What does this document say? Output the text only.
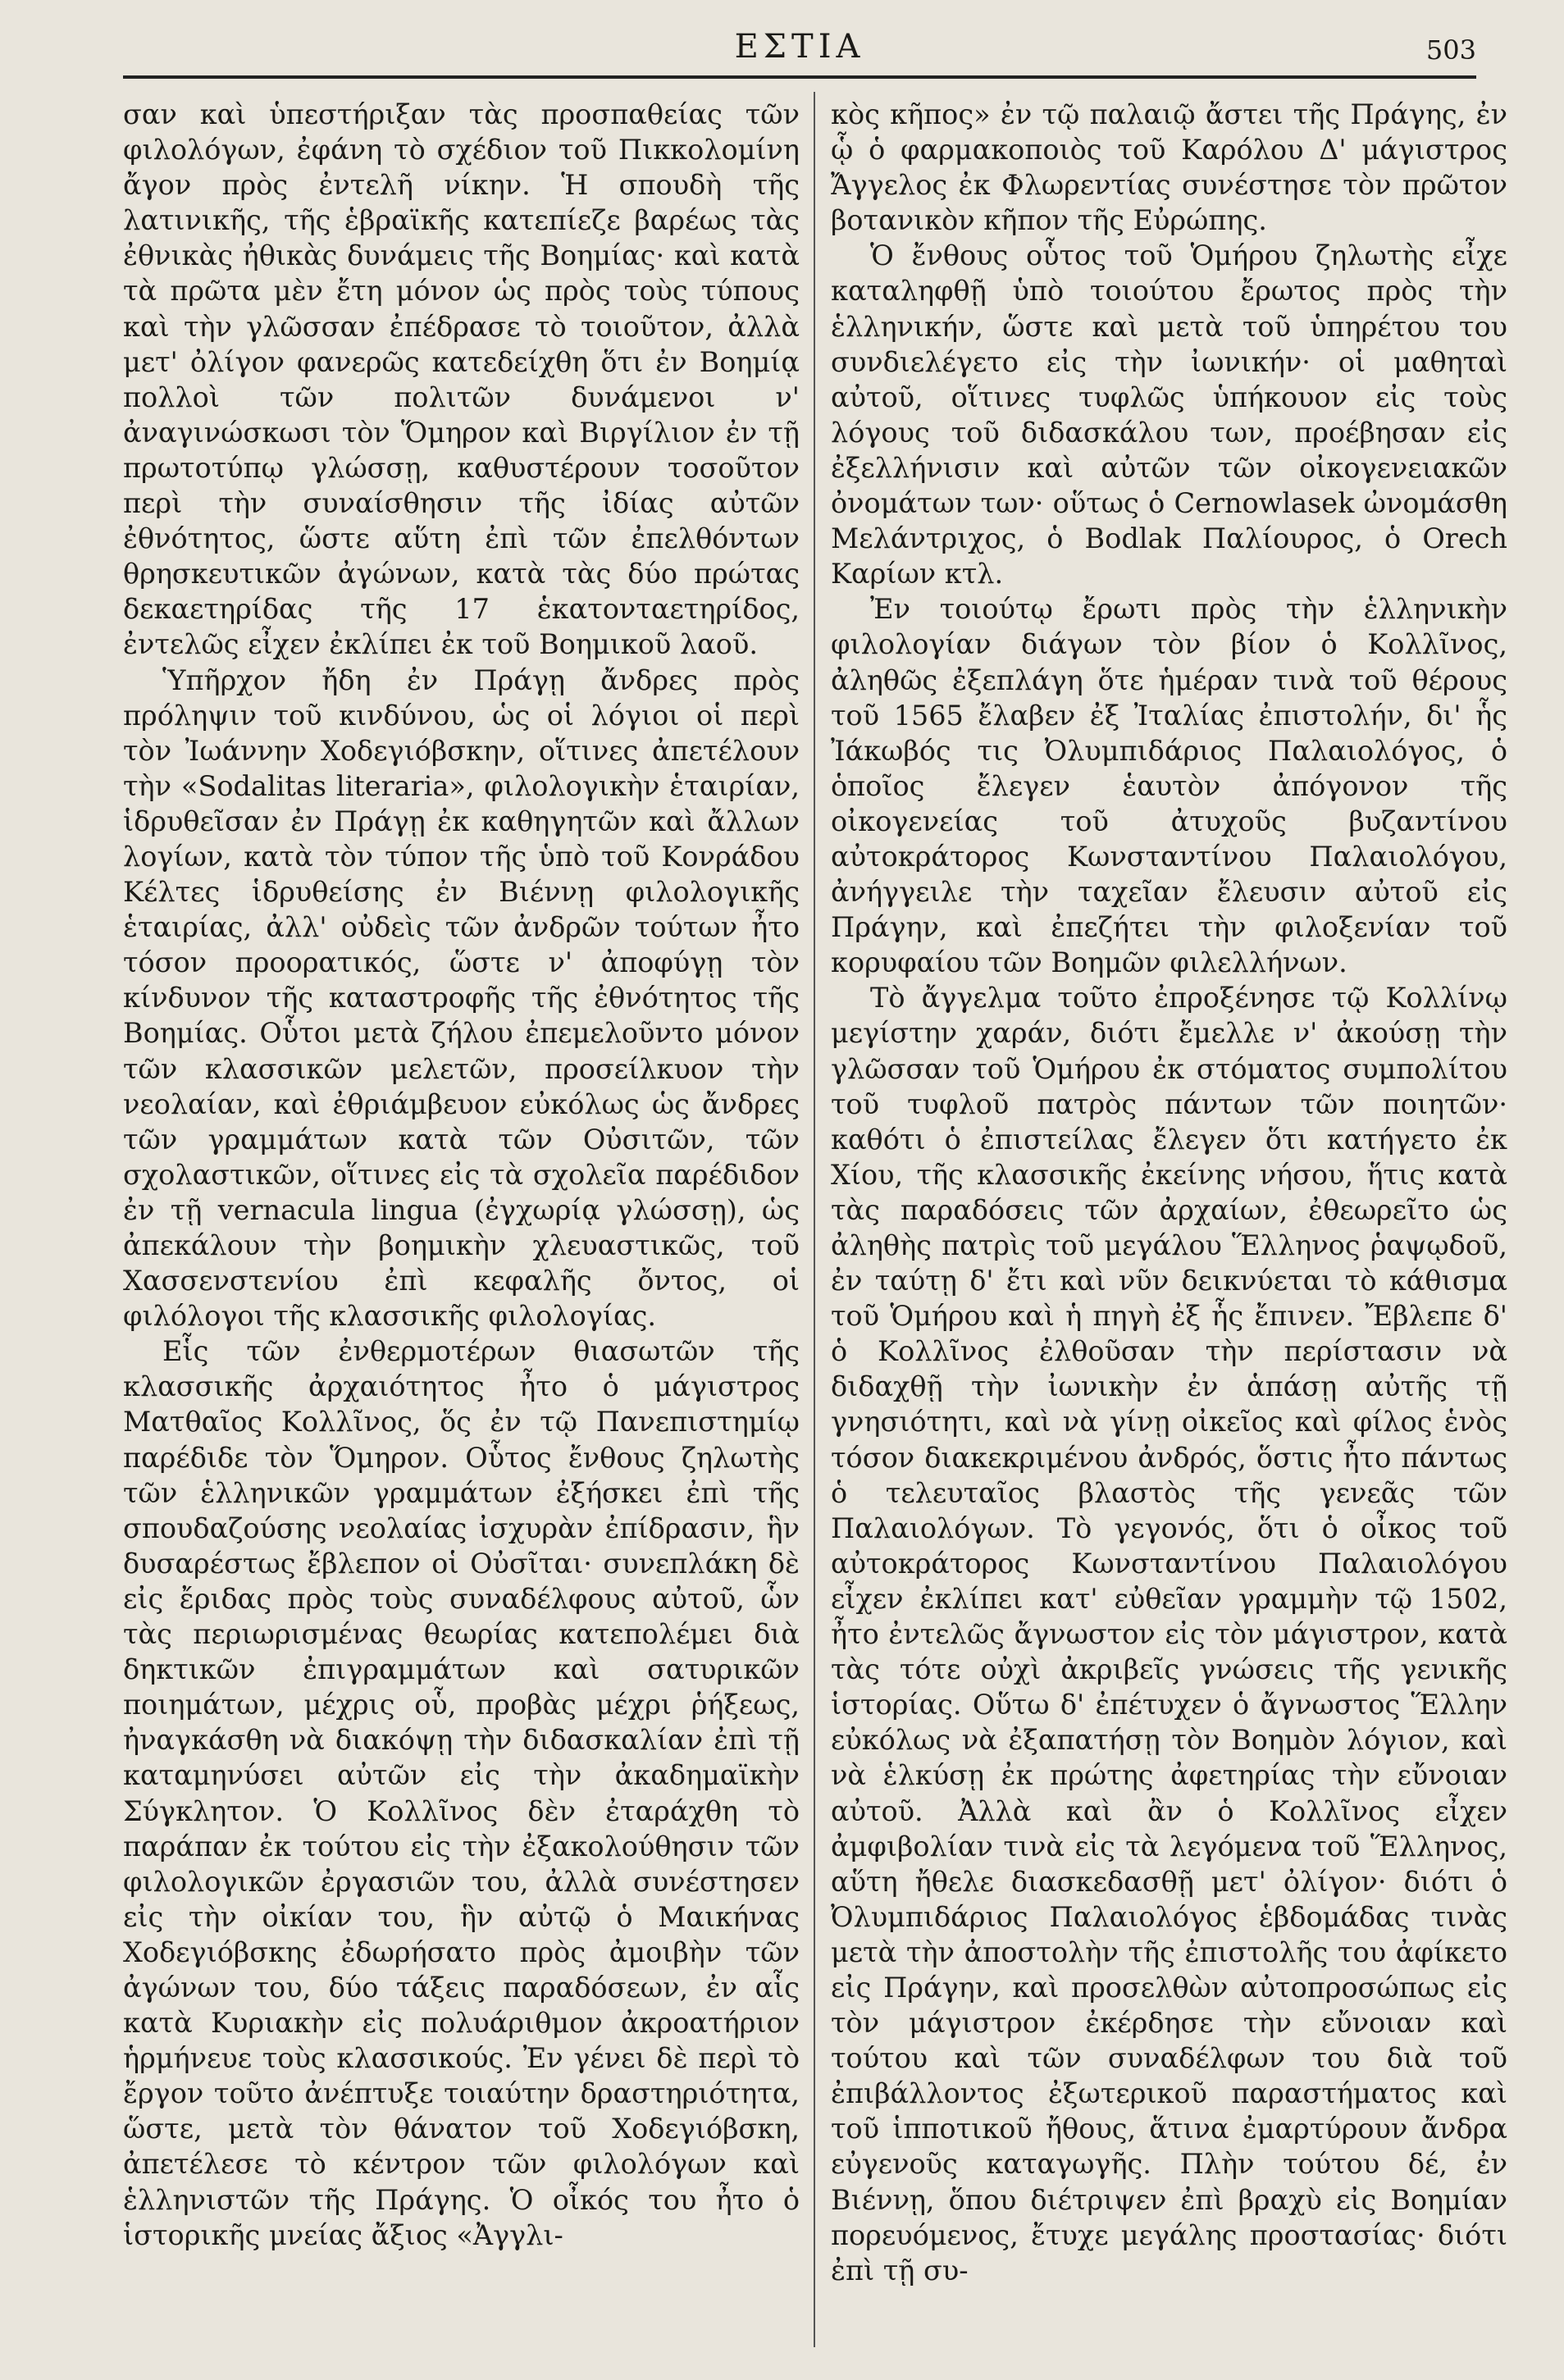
ΕΣΤΙΑ	503

σαν καὶ ὑπεστήριξαν τὰς προσπαθείας τῶν φιλολόγων, ἐφάνη τὸ σχέδιον τοῦ Πικκολομίνη ἄγον πρὸς ἐντελῆ νίκην. Ἡ σπουδὴ τῆς λατινικῆς, τῆς ἑβραϊκῆς κατεπίεζε βαρέως τὰς ἐθνικὰς ἠθικὰς δυνάμεις τῆς Βοημίας· καὶ κατὰ τὰ πρῶτα μὲν ἔτη μόνον ὡς πρὸς τοὺς τύπους καὶ τὴν γλῶσσαν ἐπέδρασε τὸ τοιοῦτον, ἀλλὰ μετ' ὀλίγον φανερῶς κατεδείχθη ὅτι ἐν Βοημίᾳ πολλοὶ τῶν πολιτῶν δυνάμενοι ν' ἀναγινώσκωσι τὸν Ὅμηρον καὶ Βιργίλιον ἐν τῇ πρωτοτύπῳ γλώσσῃ, καθυστέρουν τοσοῦτον περὶ τὴν συναίσθησιν τῆς ἰδίας αὐτῶν ἐθνότητος, ὥστε αὕτη ἐπὶ τῶν ἐπελθόντων θρησκευτικῶν ἀγώνων, κατὰ τὰς δύο πρώτας δεκαετηρίδας τῆς 17 ἑκατονταετηρίδος, ἐντελῶς εἶχεν ἐκλίπει ἐκ τοῦ Βοημικοῦ λαοῦ.

Ὑπῆρχον ἤδη ἐν Πράγῃ ἄνδρες πρὸς πρόληψιν τοῦ κινδύνου, ὡς οἱ λόγιοι οἱ περὶ τὸν Ἰωάννην Χοδεγιόβσκην, οἵτινες ἀπετέλουν τὴν «Sodalitas literaria», φιλολογικὴν ἑταιρίαν, ἱδρυθεῖσαν ἐν Πράγῃ ἐκ καθηγητῶν καὶ ἄλλων λογίων, κατὰ τὸν τύπον τῆς ὑπὸ τοῦ Κονράδου Κέλτες ἱδρυθείσης ἐν Βιέννῃ φιλολογικῆς ἑταιρίας, ἀλλ' οὐδεὶς τῶν ἀνδρῶν τούτων ἦτο τόσον προορατικός, ὥστε ν' ἀποφύγῃ τὸν κίνδυνον τῆς καταστροφῆς τῆς ἐθνότητος τῆς Βοημίας. Οὗτοι μετὰ ζήλου ἐπεμελοῦντο μόνον τῶν κλασσικῶν μελετῶν, προσείλκυον τὴν νεολαίαν, καὶ ἐθριάμβευον εὐκόλως ὡς ἄνδρες τῶν γραμμάτων κατὰ τῶν Οὐσιτῶν, τῶν σχολαστικῶν, οἵτινες εἰς τὰ σχολεῖα παρέδιδον ἐν τῇ vernacula lingua (ἐγχωρίᾳ γλώσσῃ), ὡς ἀπεκάλουν τὴν βοημικὴν χλευαστικῶς, τοῦ Χασσενστενίου ἐπὶ κεφαλῆς ὄντος, οἱ φιλόλογοι τῆς κλασσικῆς φιλολογίας.

Εἷς τῶν ἐνθερμοτέρων θιασωτῶν τῆς κλασσικῆς ἀρχαιότητος ἦτο ὁ μάγιστρος Ματθαῖος Κολλῖνος, ὅς ἐν τῷ Πανεπιστημίῳ παρέδιδε τὸν Ὅμηρον. Οὗτος ἔνθους ζηλωτὴς τῶν ἑλληνικῶν γραμμάτων ἐξήσκει ἐπὶ τῆς σπουδαζούσης νεολαίας ἰσχυρὰν ἐπίδρασιν, ἣν δυσαρέστως ἔβλεπον οἱ Οὐσῖται· συνεπλάκη δὲ εἰς ἔριδας πρὸς τοὺς συναδέλφους αὐτοῦ, ὧν τὰς περιωρισμένας θεωρίας κατεπολέμει διὰ δηκτικῶν ἐπιγραμμάτων καὶ σατυρικῶν ποιημάτων, μέχρις οὗ, προβὰς μέχρι ῥήξεως, ἠναγκάσθη νὰ διακόψῃ τὴν διδασκαλίαν ἐπὶ τῇ καταμηνύσει αὐτῶν εἰς τὴν ἀκαδημαϊκὴν Σύγκλητον. Ὁ Κολλῖνος δὲν ἐταράχθη τὸ παράπαν ἐκ τούτου εἰς τὴν ἐξακολούθησιν τῶν φιλολογικῶν ἐργασιῶν του, ἀλλὰ συνέστησεν εἰς τὴν οἰκίαν του, ἣν αὐτῷ ὁ Μαικήνας Χοδεγιόβσκης ἐδωρήσατο πρὸς ἀμοιβὴν τῶν ἀγώνων του, δύο τάξεις παραδόσεων, ἐν αἷς κατὰ Κυριακὴν εἰς πολυάριθμον ἀκροατήριον ἡρμήνευε τοὺς κλασσικούς. Ἐν γένει δὲ περὶ τὸ ἔργον τοῦτο ἀνέπτυξε τοιαύτην δραστηριότητα, ὥστε, μετὰ τὸν θάνατον τοῦ Χοδεγιόβσκη, ἀπετέλεσε τὸ κέντρον τῶν φιλολόγων καὶ ἑλληνιστῶν τῆς Πράγης. Ὁ οἶκός του ἦτο ὁ ἱστορικῆς μνείας ἄξιος «Ἀγγλι-

κὸς κῆπος» ἐν τῷ παλαιῷ ἄστει τῆς Πράγης, ἐν ᾧ ὁ φαρμακοποιὸς τοῦ Καρόλου Δ' μάγιστρος Ἄγγελος ἐκ Φλωρεντίας συνέστησε τὸν πρῶτον βοτανικὸν κῆπον τῆς Εὐρώπης.

Ὁ ἔνθους οὗτος τοῦ Ὁμήρου ζηλωτὴς εἶχε καταληφθῇ ὑπὸ τοιούτου ἔρωτος πρὸς τὴν ἑλληνικήν, ὥστε καὶ μετὰ τοῦ ὑπηρέτου του συνδιελέγετο εἰς τὴν ἰωνικήν· οἱ μαθηταὶ αὐτοῦ, οἵτινες τυφλῶς ὑπήκουον εἰς τοὺς λόγους τοῦ διδασκάλου των, προέβησαν εἰς ἐξελλήνισιν καὶ αὐτῶν τῶν οἰκογενειακῶν ὀνομάτων των· οὕτως ὁ Cernowlasek ὠνομάσθη Μελάντριχος, ὁ Bodlak Παλίουρος, ὁ Orech Καρίων κτλ.

Ἐν τοιούτῳ ἔρωτι πρὸς τὴν ἑλληνικὴν φιλολογίαν διάγων τὸν βίον ὁ Κολλῖνος, ἀληθῶς ἐξεπλάγη ὅτε ἡμέραν τινὰ τοῦ θέρους τοῦ 1565 ἔλαβεν ἐξ Ἰταλίας ἐπιστολήν, δι' ἧς Ἰάκωβός τις Ὀλυμπιδάριος Παλαιολόγος, ὁ ὁποῖος ἔλεγεν ἑαυτὸν ἀπόγονον τῆς οἰκογενείας τοῦ ἀτυχοῦς βυζαντίνου αὐτοκράτορος Κωνσταντίνου Παλαιολόγου, ἀνήγγειλε τὴν ταχεῖαν ἔλευσιν αὐτοῦ εἰς Πράγην, καὶ ἐπεζήτει τὴν φιλοξενίαν τοῦ κορυφαίου τῶν Βοημῶν φιλελλήνων.

Τὸ ἄγγελμα τοῦτο ἐπροξένησε τῷ Κολλίνῳ μεγίστην χαράν, διότι ἔμελλε ν' ἀκούσῃ τὴν γλῶσσαν τοῦ Ὁμήρου ἐκ στόματος συμπολίτου τοῦ τυφλοῦ πατρὸς πάντων τῶν ποιητῶν· καθότι ὁ ἐπιστείλας ἔλεγεν ὅτι κατήγετο ἐκ Χίου, τῆς κλασσικῆς ἐκείνης νήσου, ἥτις κατὰ τὰς παραδόσεις τῶν ἀρχαίων, ἐθεωρεῖτο ὡς ἀληθὴς πατρὶς τοῦ μεγάλου Ἕλληνος ῥαψῳδοῦ, ἐν ταύτῃ δ' ἔτι καὶ νῦν δεικνύεται τὸ κάθισμα τοῦ Ὁμήρου καὶ ἡ πηγὴ ἐξ ἧς ἔπινεν. Ἔβλεπε δ' ὁ Κολλῖνος ἐλθοῦσαν τὴν περίστασιν νὰ διδαχθῇ τὴν ἰωνικὴν ἐν ἁπάσῃ αὐτῆς τῇ γνησιότητι, καὶ νὰ γίνῃ οἰκεῖος καὶ φίλος ἑνὸς τόσον διακεκριμένου ἀνδρός, ὅστις ἦτο πάντως ὁ τελευταῖος βλαστὸς τῆς γενεᾶς τῶν Παλαιολόγων. Τὸ γεγονός, ὅτι ὁ οἶκος τοῦ αὐτοκράτορος Κωνσταντίνου Παλαιολόγου εἶχεν ἐκλίπει κατ' εὐθεῖαν γραμμὴν τῷ 1502, ἦτο ἐντελῶς ἄγνωστον εἰς τὸν μάγιστρον, κατὰ τὰς τότε οὐχὶ ἀκριβεῖς γνώσεις τῆς γενικῆς ἱστορίας. Οὕτω δ' ἐπέτυχεν ὁ ἄγνωστος Ἕλλην εὐκόλως νὰ ἐξαπατήσῃ τὸν Βοημὸν λόγιον, καὶ νὰ ἑλκύσῃ ἐκ πρώτης ἀφετηρίας τὴν εὔνοιαν αὐτοῦ. Ἀλλὰ καὶ ἂν ὁ Κολλῖνος εἶχεν ἀμφιβολίαν τινὰ εἰς τὰ λεγόμενα τοῦ Ἕλληνος, αὕτη ἤθελε διασκεδασθῇ μετ' ὀλίγον· διότι ὁ Ὀλυμπιδάριος Παλαιολόγος ἑβδομάδας τινὰς μετὰ τὴν ἀποστολὴν τῆς ἐπιστολῆς του ἀφίκετο εἰς Πράγην, καὶ προσελθὼν αὐτοπροσώπως εἰς τὸν μάγιστρον ἐκέρδησε τὴν εὔνοιαν καὶ τούτου καὶ τῶν συναδέλφων του διὰ τοῦ ἐπιβάλλοντος ἐξωτερικοῦ παραστήματος καὶ τοῦ ἱπποτικοῦ ἤθους, ἅτινα ἐμαρτύρουν ἄνδρα εὐγενοῦς καταγωγῆς. Πλὴν τούτου δέ, ἐν Βιέννῃ, ὅπου διέτριψεν ἐπὶ βραχὺ εἰς Βοημίαν πορευόμενος, ἔτυχε μεγάλης προστασίας· διότι ἐπὶ τῇ συ-
